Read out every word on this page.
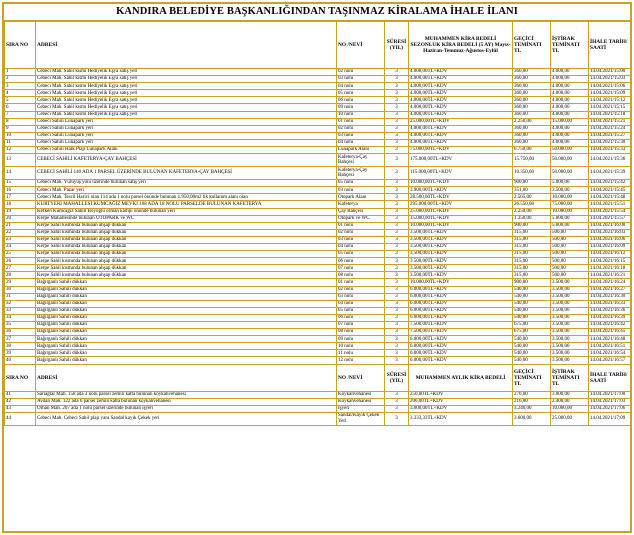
KANDIRA BELEDİYE BAŞKANLIĞINDAN TAŞINMAZ KİRALAMA İHALE İLANI
SIRA NO	ADRESİ	NO /NEVİ	SÜRESİ (YIL)	MUHAMMEN KİRA BEDELİ SEZONLUK KİRA BEDELİ (5 AY) Mayıs-Haziran-Temmuz-Ağustos-Eylül	GEÇİCİ TEMİNATI TL	İŞTİRAK TEMİNATI TL	İHALE TARİH/ SAATİ
1	Cebeci Mah. Sahil kısmı Hediyelik Eşya satış yeri	02 nolu	3	4.000,00TL+KDV	360,00	4.000,00	14.04.2021/15:00
2	Cebeci Mah. Sahil kısmı Hediyelik Eşya satış yeri	03 nolu	3	4.000,00TL+KDV	360,00	4.000,00	14.04.2021/15:03
3	Cebeci Mah. Sahil kısmı Hediyelik Eşya satış yeri	04 nolu	3	4.000,00TL+KDV	360,00	4.000,00	14.04.2021/15:06
4	Cebeci Mah. Sahil kısmı Hediyelik Eşya satış yeri	05 nolu	3	4.000,00TL+KDV	360,00	4.000,00	14.04.2021/15:09
5	Cebeci Mah. Sahil kısmı Hediyelik Eşya satış yeri	06 nolu	3	4.000,00TL+KDV	360,00	4.000,00	14.04.2021/15:12
6	Cebeci Mah. Sahil kısmı Hediyelik Eşya satış yeri	09 nolu	3	4.000,00TL+KDV	360,00	4.000,00	14.04.2021/15:15
7	Cebeci Mah. Sahil kısmı Hediyelik Eşya satış yeri	10 nolu	3	4.000,00TL+KDV	360,00	4.000,00	14.04.2021/15:18
8	Cebeci Sahili Lunapark yeri	01 nolu	3	25.000,00TL+KDV	2.250,00	15.000,00	14.04.2021/15:21
9	Cebeci Sahili Lunapark yeri	02 nolu	3	4.000,00TL+KDV	360,00	4.000,00	14.04.2021/15:24
10	Cebeci Sahili Lunapark yeri	03 nolu	3	4.000,00TL+KDV	360,00	4.000,00	14.04.2021/15:27
11	Cebeci Sahili Lunapark yeri	04 nolu	3	4.000,00TL+KDV	360,00	4.000,00	14.04.2021/15:30
12	Cebeci Sahili Halk Plajı Lunapark Alanı	Lunapark Alanı	3	75.000,00TL+KDV	6.750,00	50.000,00	14.04.2021/15:33
13	CEBECİ SAHİLİ KAFETERYA-ÇAY BAHÇESİ	Kafeterya-Çay Bahçesi	3	175.000,00TL+KDV	15.750,00	50.000,00	14.04.2021/15:36
14	CEBECİ SAHİLİ 140 ADA 1 PARSEL ÜZERİNDE BULUNAN KAFETERYA-ÇAY BAHÇESİ	Kafeterya-Çay Bahçesi	3	115.000,00TL+KDV	10.350,00	50.000,00	14.04.2021/15:39
15	Cebeci Mah. Yürüyüş yolu üzerinde bulunan satış yeri	05 nolu	3	10.000,00TL+KDV	900,00	5.000,00	14.04.2021/15:42
16	Cebeci Mah. Pazar yeri	03 nolu	3	3.900,00TL+KDV	351,00	3.500,00	14.04.2021/15:45
17	Cebeci Mah. Tescil Harici olan 114 ada 1 nolu parsel önünde bulunan 1.950,00m2 lik kullanım alanı olan	Otopark Alanı	3	28.500,00TL+KDV	2.565,00	10.000,00	14.04.2021/15:48
18	KURTYERİ MAHALLESİ KUMCAĞIZ MEVKİ 108 ADA 18 NOLU PARSELDE BULUNAN KAFETERYA	Kafeterya	3	295.000,00TL+KDV	26.550,00	75.000,00	14.04.2021/15:51
19	Kefken Kumcağız Sahili Boyoğlu orman kampı önünde bulunan yeri	Çay Bahçesi	3	25.000,00TL+KDV	2.250,00	10.000,00	14.04.2021/15:54
20	Kerpe Mahallesinde bulunan OTOPARK ve WC	Otopark ve WC	3	15.000,00TL+KDV	1.350,00	5.000,00	14.04.2021/15:57
21	Kerpe Sahil kısmında bulunan ahşap dükkan	01 nolu	3	10.000,00TL+KDV	900,00	5.000,00	14.04.2021/16:00
22	Kerpe Sahil kısmında bulunan ahşap dükkan	02 nolu	3	3.500,00TL+KDV	315,00	500,00	14.04.2021/16:03
23	Kerpe Sahil kısmında bulunan ahşap dükkan	03 nolu	3	3.500,00TL+KDV	315,00	500,00	14.04.2021/16:06
24	Kerpe Sahil kısmında bulunan ahşap dükkan	04 nolu	3	3.500,00TL+KDV	315,00	500,00	14.04.2021/16:09
25	Kerpe Sahil kısmında bulunan ahşap dükkan	05 nolu	3	3.500,00TL+KDV	315,00	500,00	14.04.2021/16:12
26	Kerpe Sahil kısmında bulunan ahşap dükkan	06 nolu	3	3.500,00TL+KDV	315,00	500,00	14.04.2021/16:15
27	Kerpe Sahil kısmında bulunan ahşap dükkan	07 nolu	3	3.500,00TL+KDV	315,00	500,00	14.04.2021/16:18
28	Kerpe Sahil kısmında bulunan ahşap dükkan	08 nolu	3	3.500,00TL+KDV	315,00	500,00	14.04.2021/16:21
29	Bağırganlı Sahili dükkan	01 nolu	3	10.000,00TL+KDV	900,00	3.500,00	14.04.2021/16:24
30	Bağırganlı Sahili dükkan	02 nolu	3	6.000,00TL+KDV	540,00	3.500,00	14.04.2021/16:27
31	Bağırganlı Sahili dükkan	03 nolu	3	6.000,00TL+KDV	540,00	3.500,00	14.04.2021/16:30
32	Bağırganlı Sahili dükkan	04 nolu	3	6.000,00TL+KDV	540,00	3.500,00	14.04.2021/16:33
33	Bağırganlı Sahili dükkan	05 nolu	3	6.000,00TL+KDV	540,00	3.500,00	14.04.2021/16:36
34	Bağırganlı Sahili dükkan	06 nolu	3	6.000,00TL+KDV	540,00	3.500,00	14.04.2021/16:39
35	Bağırganlı Sahili dükkan	07 nolu	3	7.500,00TL+KDV	675,00	3.500,00	14.04.2021/16:42
36	Bağırganlı Sahili dükkan	08 nolu	3	7.500,00TL+KDV	675,00	3.500,00	14.04.2021/16:45
37	Bağırganlı Sahili dükkan	09 nolu	3	6.000,00TL+KDV	540,00	3.500,00	14.04.2021/16:48
38	Bağırganlı Sahili dükkan	10 nolu	3	6.000,00TL+KDV	540,00	3.500,00	14.04.2021/16:51
39	Bağırganlı Sahili dükkan	11 nolu	3	6.000,00TL+KDV	540,00	3.500,00	14.04.2021/16:54
40	Bağırganlı Sahili dükkan	12 nolu	3	6.000,00TL+KDV	540,00	3.500,00	14.04.2021/16:57
SIRA NO	ADRESİ	NO /NEVİ	SÜRESİ (YIL)	MUHAMMEN AYLIK KİRA BEDELİ	GEÇİCİ TEMİNATI TL	İŞTİRAK TEMİNATI TL	İHALE TARİH/ SAATİ
41	Sarıağlar Mah. 158 ada 2 nolu parsel zemin katta bulunan köykahvehanesi	Köykahvehanesi	3	250,00TL+KDV	270,00	3.000,00	14.04.2021/17:00
42	Avdan Mah. 122 ada 6 parsel zemin katta bulunan köykahvehanesi	Köykahvehanesi	3	200,00TL+KDV	216,00	2.400,00	14.04.2021/17:03
43	Orhan Mah. 207 ada 1 nolu parsel üzerinde bulunan işyeri	İşyeri	3	3.000,00TL+KDV	3.240,00	10.000,00	14.04.2021/17:06
44	Cebeci Mah. Cebeci Sahil plajı yanı Sandal kayık Çekek yeri	Sandal/Kayık Çekek Yeri	3	3.333,33TL+KDV	3.600,00	25.000,00	14.04.2021/17:09
